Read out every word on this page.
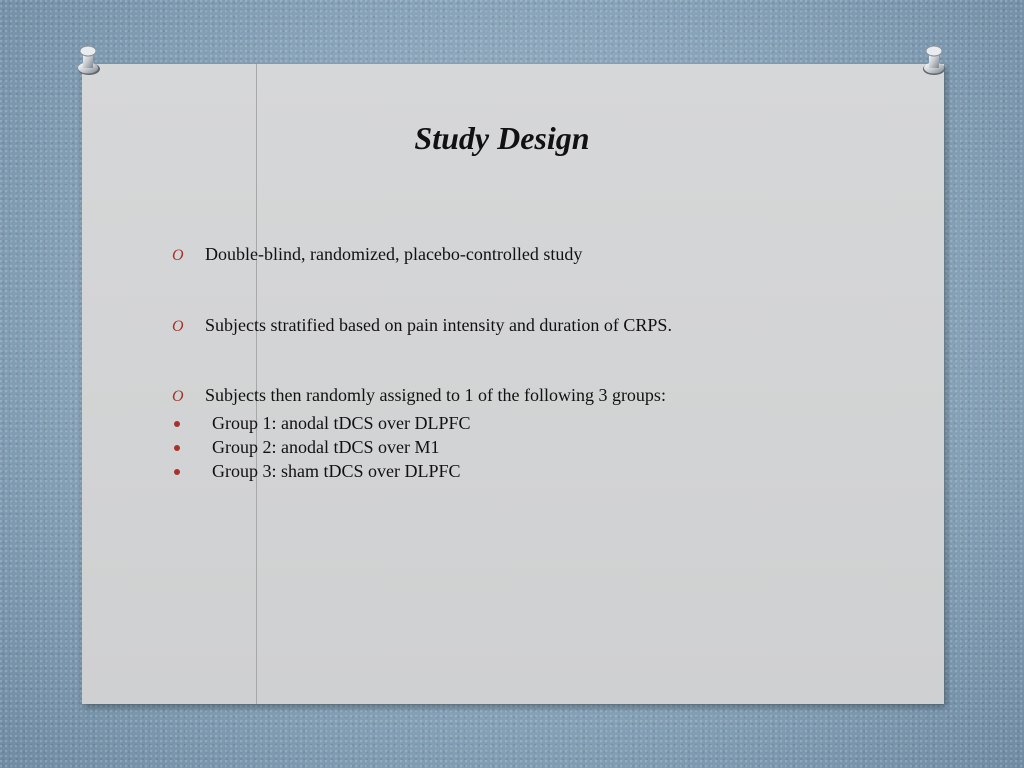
Study Design
O	Double-blind, randomized, placebo-controlled study
O	Subjects stratified based on pain intensity and duration of CRPS.
O	Subjects then randomly assigned to 1 of the following 3 groups:
Group 1: anodal tDCS over DLPFC
Group 2: anodal tDCS over M1
Group 3: sham tDCS over DLPFC
